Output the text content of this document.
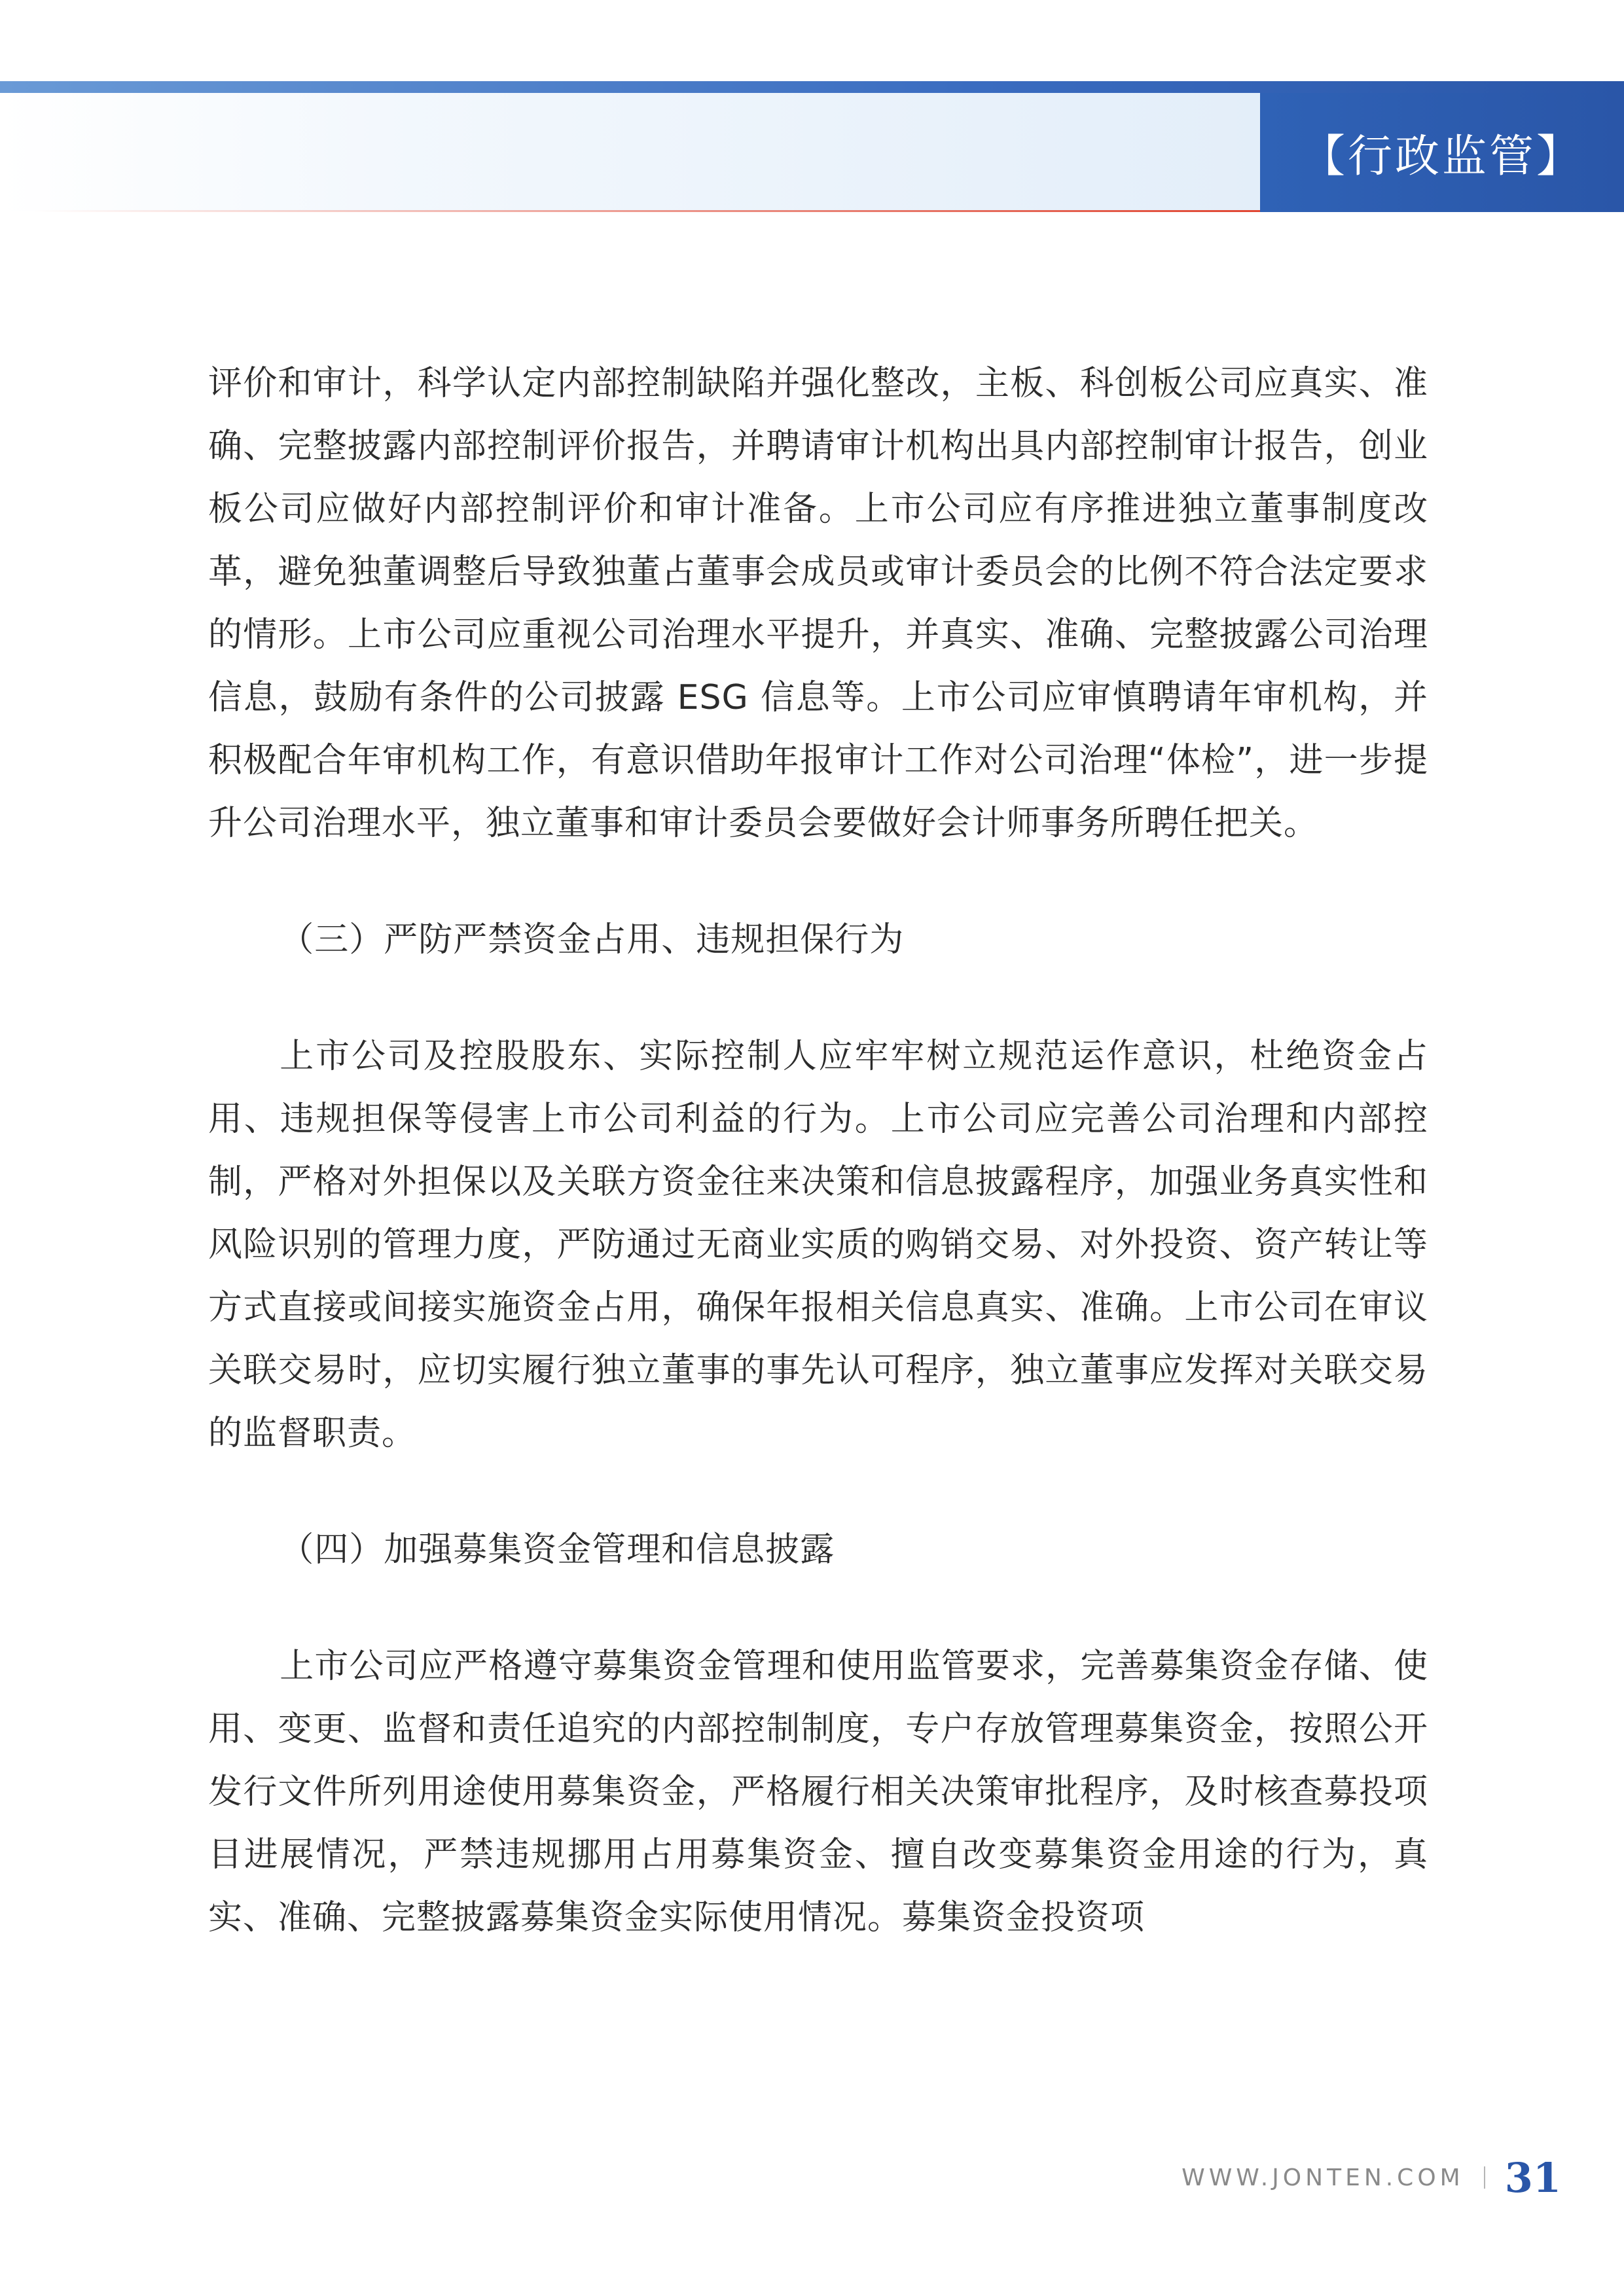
【行政监管】

评价和审计，科学认定内部控制缺陷并强化整改，主板、科创板公司应真实、准确、完整披露内部控制评价报告，并聘请审计机构出具内部控制审计报告，创业板公司应做好内部控制评价和审计准备。上市公司应有序推进独立董事制度改革，避免独董调整后导致独董占董事会成员或审计委员会的比例不符合法定要求的情形。上市公司应重视公司治理水平提升，并真实、准确、完整披露公司治理信息，鼓励有条件的公司披露 ESG 信息等。上市公司应审慎聘请年审机构，并积极配合年审机构工作，有意识借助年报审计工作对公司治理“体检”，进一步提升公司治理水平，独立董事和审计委员会要做好会计师事务所聘任把关。

（三）严防严禁资金占用、违规担保行为

上市公司及控股股东、实际控制人应牢牢树立规范运作意识，杜绝资金占用、违规担保等侵害上市公司利益的行为。上市公司应完善公司治理和内部控制，严格对外担保以及关联方资金往来决策和信息披露程序，加强业务真实性和风险识别的管理力度，严防通过无商业实质的购销交易、对外投资、资产转让等方式直接或间接实施资金占用，确保年报相关信息真实、准确。上市公司在审议关联交易时，应切实履行独立董事的事先认可程序，独立董事应发挥对关联交易的监督职责。

（四）加强募集资金管理和信息披露

上市公司应严格遵守募集资金管理和使用监管要求，完善募集资金存储、使用、变更、监督和责任追究的内部控制制度，专户存放管理募集资金，按照公开发行文件所列用途使用募集资金，严格履行相关决策审批程序，及时核查募投项目进展情况，严禁违规挪用占用募集资金、擅自改变募集资金用途的行为，真实、准确、完整披露募集资金实际使用情况。募集资金投资项

WWW.JONTEN.COM 31
